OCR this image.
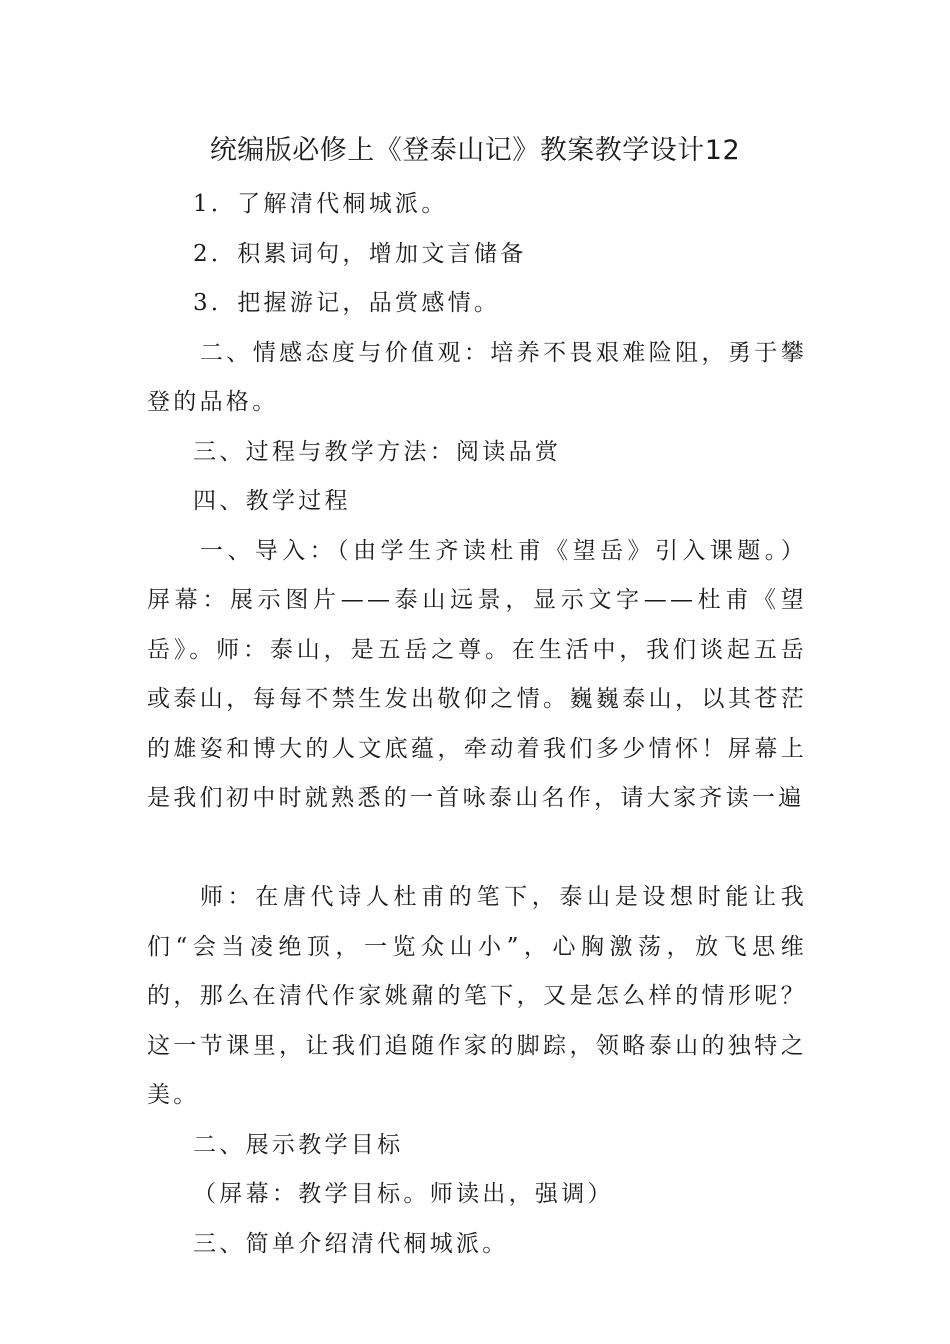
统编版必修上《登泰山记》教案教学设计12

1．了解清代桐城派。

2．积累词句，增加文言储备

3．把握游记，品赏感情。

二、情感态度与价值观：培养不畏艰难险阻，勇于攀登的品格。

三、过程与教学方法：阅读品赏

四、教学过程

一、导入：（由学生齐读杜甫《望岳》引入课题。）屏幕：展示图片——泰山远景，显示文字——杜甫《望岳》。师：泰山，是五岳之尊。在生活中，我们谈起五岳或泰山，每每不禁生发出敬仰之情。巍巍泰山，以其苍茫的雄姿和博大的人文底蕴，牵动着我们多少情怀！屏幕上是我们初中时就熟悉的一首咏泰山名作，请大家齐读一遍

师：在唐代诗人杜甫的笔下，泰山是设想时能让我们“会当凌绝顶，一览众山小”，心胸激荡，放飞思维的，那么在清代作家姚鼐的笔下，又是怎么样的情形呢？这一节课里，让我们追随作家的脚踪，领略泰山的独特之美。

二、展示教学目标

（屏幕：教学目标。师读出，强调）

三、简单介绍清代桐城派。
